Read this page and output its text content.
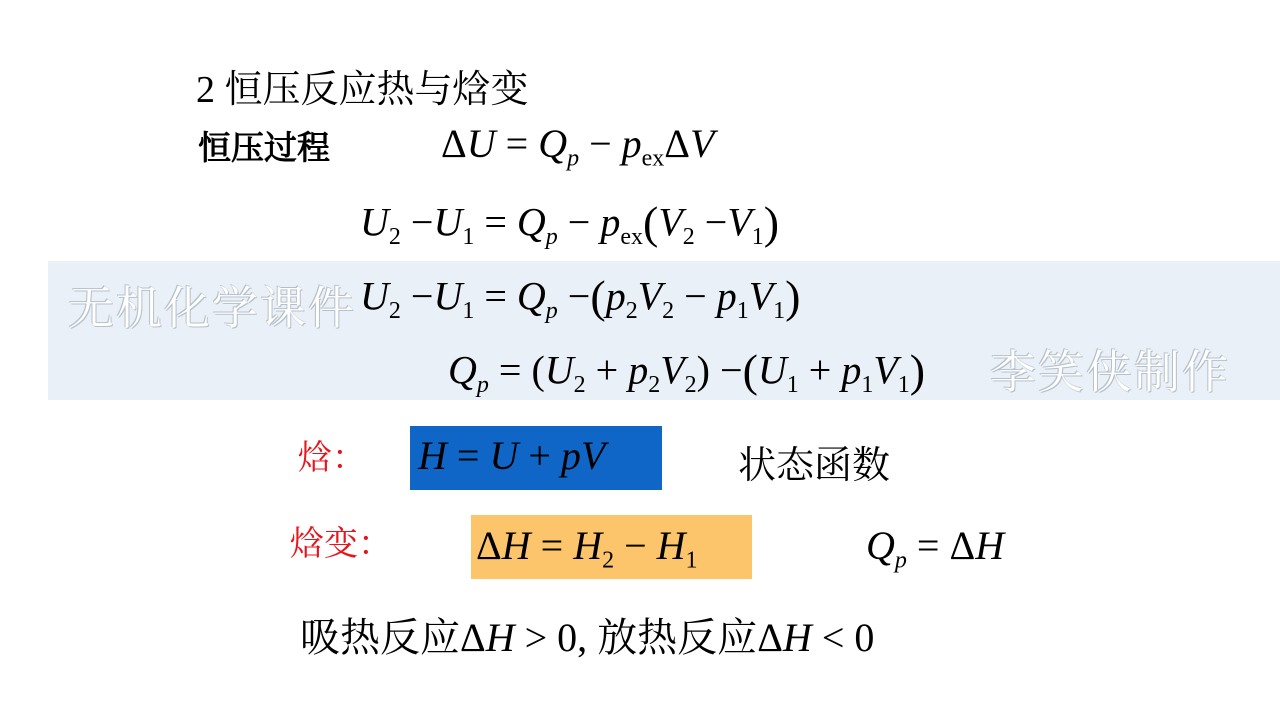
无机化学课件
李笑侠制作
2 恒压反应热与焓变
恒压过程	$\Delta U = Q_p - p_{ex}\Delta V$
$U_2 -U_1 = Q_p - p_{ex}(V_2 -V_1)$
$U_2 -U_1 = Q_p -(p_2V_2 - p_1V_1)$
$Q_p = (U_2 + p_2V_2) -(U_1 + p_1V_1)$
焓： H = U + pV	状态函数
焓变： $\Delta H = H_2 - H_1$	$Q_p = \Delta H$
吸热反应ΔH > 0, 放热反应ΔH < 0
